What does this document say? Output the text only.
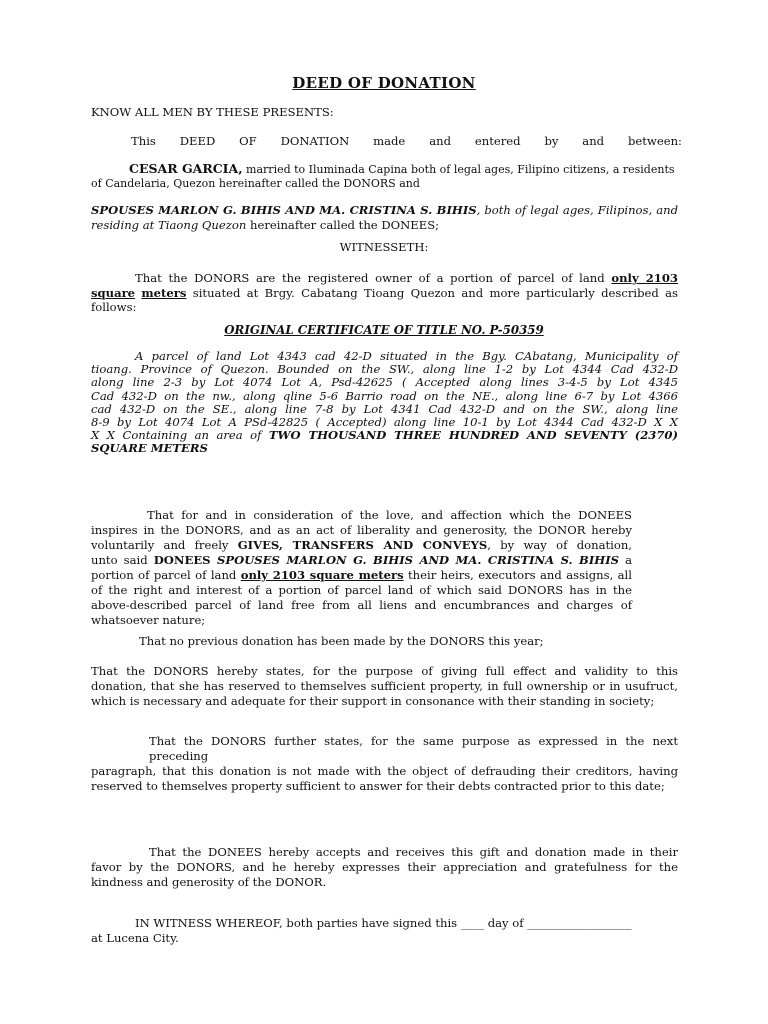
DEED OF DONATION
KNOW ALL MEN BY THESE PRESENTS:
This DEED OF DONATION made and entered by and between:
CESAR GARCIA, married to Iluminada Capina both of legal ages, Filipino citizens, a residents
of Candelaria, Quezon hereinafter called the DONORS and
SPOUSES MARLON G. BIHIS AND MA. CRISTINA S. BIHIS, both of legal ages, Filipinos, and
residing at Tiaong Quezon hereinafter called the DONEES;
WITNESSETH:
That the DONORS are the registered owner of a portion of parcel of land only 2103
square meters situated at Brgy. Cabatang Tioang Quezon and more particularly described as
follows:
ORIGINAL CERTIFICATE OF TITLE NO. P-50359
A parcel of land Lot 4343 cad 42-D situated in the Bgy. CAbatang, Municipality of
tioang. Province of Quezon. Bounded on the SW., along line 1-2 by Lot 4344 Cad 432-D
along line 2-3 by Lot 4074 Lot A, Psd-42625 ( Accepted along lines 3-4-5 by Lot 4345
Cad 432-D on the nw., along qline 5-6 Barrio road on the NE., along line 6-7 by Lot 4366
cad 432-D on the SE., along line 7-8 by Lot 4341 Cad 432-D and on the SW., along line
8-9 by Lot 4074 Lot A PSd-42825 ( Accepted) along line 10-1 by Lot 4344 Cad 432-D X X
X X Containing an area of TWO THOUSAND THREE HUNDRED AND SEVENTY (2370)
SQUARE METERS
That for and in consideration of the love, and affection which the DONEES
inspires in the DONORS, and as an act of liberality and generosity, the DONOR hereby
voluntarily and freely GIVES, TRANSFERS AND CONVEYS, by way of donation,
unto said DONEES SPOUSES MARLON G. BIHIS AND MA. CRISTINA S. BIHIS a
portion of parcel of land only 2103 square meters their heirs, executors and assigns, all
of the right and interest of a portion of parcel land of which said DONORS has in the
above-described parcel of land free from all liens and encumbrances and charges of
whatsoever nature;
That no previous donation has been made by the DONORS this year;
That the DONORS hereby states, for the purpose of giving full effect and validity to this
donation, that she has reserved to themselves sufficient property, in full ownership or in usufruct,
which is necessary and adequate for their support in consonance with their standing in society;
That the DONORS further states, for the same purpose as expressed in the next preceding
paragraph, that this donation is not made with the object of defrauding their creditors, having
reserved to themselves property sufficient to answer for their debts contracted prior to this date;
That the DONEES hereby accepts and receives this gift and donation made in their
favor by the DONORS, and he hereby expresses their appreciation and gratefulness for the
kindness and generosity of the DONOR.
IN WITNESS WHEREOF, both parties have signed this ____ day of __________________
at Lucena City.
